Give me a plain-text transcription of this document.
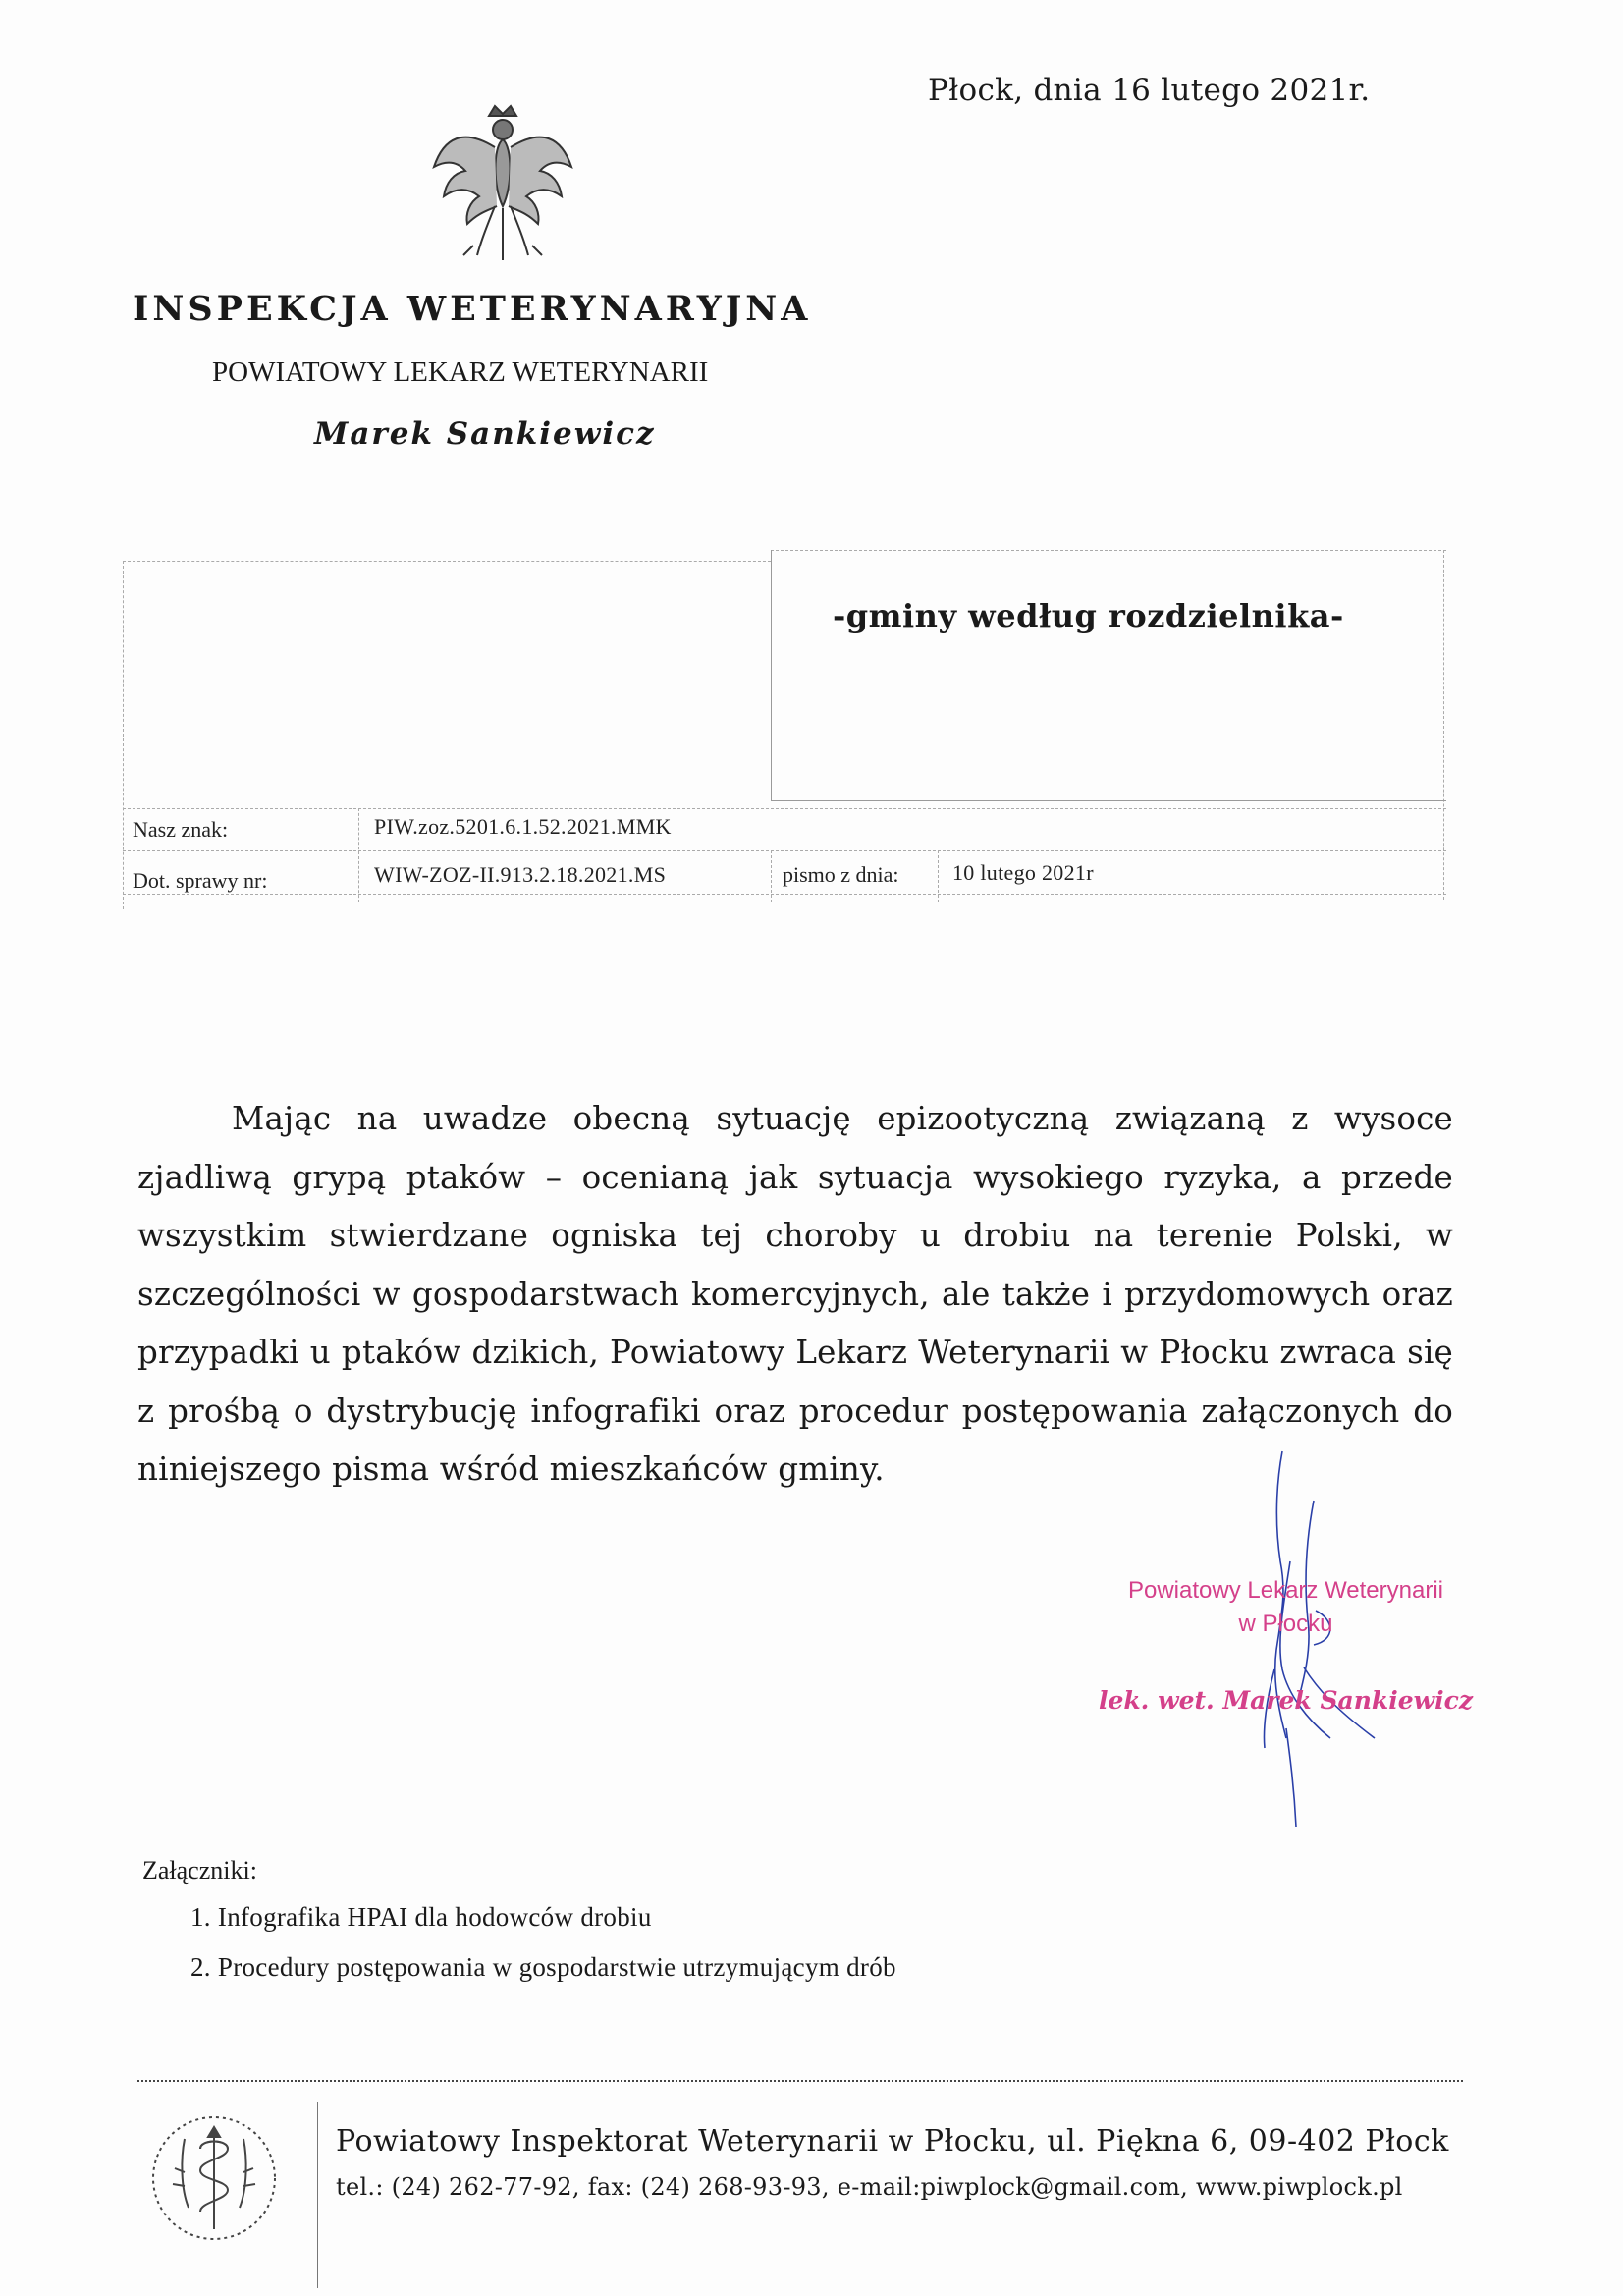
Płock, dnia 16 lutego 2021r.
INSPEKCJA WETERYNARYJNA
POWIATOWY LEKARZ WETERYNARII
Marek Sankiewicz
-gminy według rozdzielnika-
Nasz znak:	PIW.zoz.5201.6.1.52.2021.MMK
Dot. sprawy nr:	WIW-ZOZ-II.913.2.18.2021.MS	pismo z dnia: 10 lutego 2021r
Mając na uwadze obecną sytuację epizootyczną związaną z wysoce zjadliwą grypą ptaków – ocenianą jak sytuacja wysokiego ryzyka, a przede wszystkim stwierdzane ogniska tej choroby u drobiu na terenie Polski, w szczególności w gospodarstwach komercyjnych, ale także i przydomowych oraz przypadki u ptaków dzikich, Powiatowy Lekarz Weterynarii w Płocku zwraca się z prośbą o dystrybucję infografiki oraz procedur postępowania załączonych do niniejszego pisma wśród mieszkańców gminy.
Powiatowy Lekarz Weterynarii
w Płocku
lek. wet. Marek Sankiewicz
Załączniki:
1. Infografika HPAI dla hodowców drobiu
2. Procedury postępowania w gospodarstwie utrzymującym drób
Powiatowy Inspektorat Weterynarii w Płocku, ul. Piękna 6, 09-402 Płock
tel.: (24) 262-77-92, fax: (24) 268-93-93, e-mail:piwplock@gmail.com, www.piwplock.pl
